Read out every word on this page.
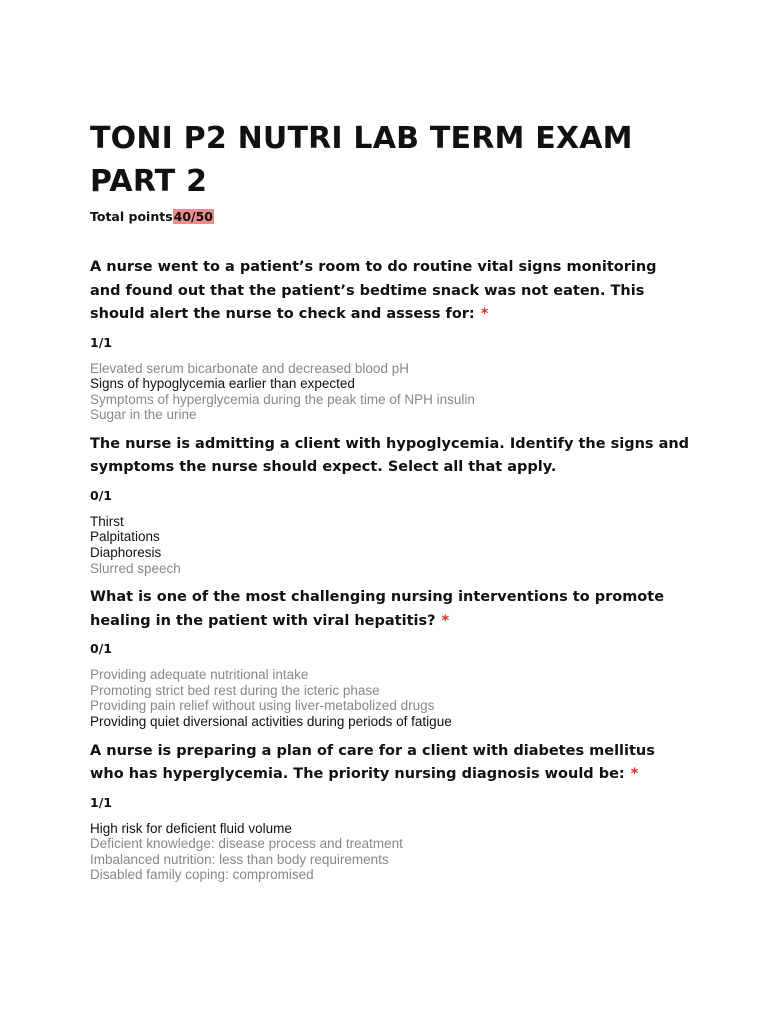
TONI P2 NUTRI LAB TERM EXAM PART 2
Total points40/50

A nurse went to a patient’s room to do routine vital signs monitoring and found out that the patient’s bedtime snack was not eaten. This should alert the nurse to check and assess for: *

1/1
Elevated serum bicarbonate and decreased blood pH
Signs of hypoglycemia earlier than expected
Symptoms of hyperglycemia during the peak time of NPH insulin
Sugar in the urine

The nurse is admitting a client with hypoglycemia. Identify the signs and symptoms the nurse should expect. Select all that apply.

0/1
Thirst
Palpitations
Diaphoresis
Slurred speech

What is one of the most challenging nursing interventions to promote healing in the patient with viral hepatitis? *

0/1
Providing adequate nutritional intake
Promoting strict bed rest during the icteric phase
Providing pain relief without using liver-metabolized drugs
Providing quiet diversional activities during periods of fatigue

A nurse is preparing a plan of care for a client with diabetes mellitus who has hyperglycemia. The priority nursing diagnosis would be: *

1/1
High risk for deficient fluid volume
Deficient knowledge: disease process and treatment
Imbalanced nutrition: less than body requirements
Disabled family coping: compromised
